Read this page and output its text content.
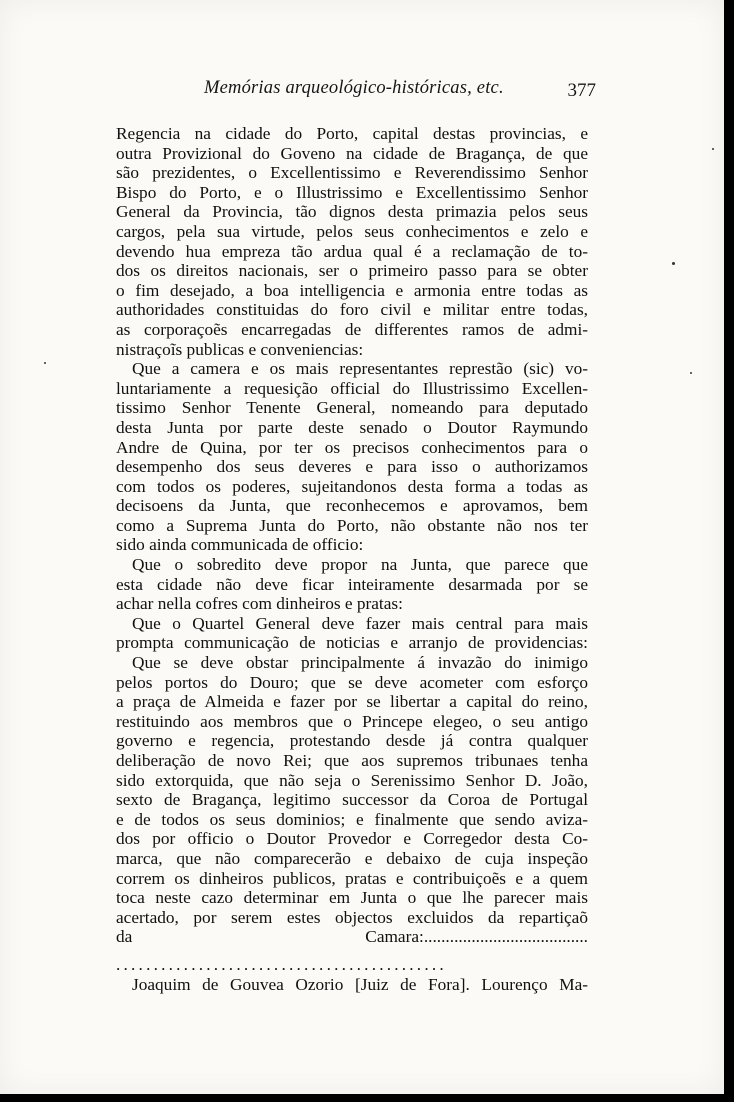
Memórias arqueológico-históricas, etc.	377
Regencia na cidade do Porto, capital destas provincias, e
outra Provizional do Goveno na cidade de Bragança, de que
são prezidentes, o Excellentissimo e Reverendissimo Senhor
Bispo do Porto, e o Illustrissimo e Excellentissimo Senhor
General da Provincia, tão dignos desta primazia pelos seus
cargos, pela sua virtude, pelos seus conhecimentos e zelo e
devendo hua empreza tão ardua qual é a reclamação de to-
dos os direitos nacionais, ser o primeiro passo para se obter
o fim desejado, a boa intelligencia e armonia entre todas as
authoridades constituidas do foro civil e militar entre todas,
as corporaçoẽs encarregadas de differentes ramos de admi-
nistraçoĩs publicas e conveniencias:
Que a camera e os mais representantes represtão (sic) vo-
luntariamente a requesição official do Illustrissimo Excellen-
tissimo Senhor Tenente General, nomeando para deputado
desta Junta por parte deste senado o Doutor Raymundo
Andre de Quina, por ter os precisos conhecimentos para o
desempenho dos seus deveres e para isso o authorizamos
com todos os poderes, sujeitandonos desta forma a todas as
decisoens da Junta, que reconhecemos e aprovamos, bem
como a Suprema Junta do Porto, não obstante não nos ter
sido ainda communicada de officio:
Que o sobredito deve propor na Junta, que parece que
esta cidade não deve ficar inteiramente desarmada por se
achar nella cofres com dinheiros e pratas:
Que o Quartel General deve fazer mais central para mais
prompta communicação de noticias e arranjo de providencias:
Que se deve obstar principalmente á invazão do inimigo
pelos portos do Douro; que se deve acometer com esforço
a praça de Almeida e fazer por se libertar a capital do reino,
restituindo aos membros que o Princepe elegeo, o seu antigo
governo e regencia, protestando desde já contra qualquer
deliberação de novo Rei; que aos supremos tribunaes tenha
sido extorquida, que não seja o Serenissimo Senhor D. João,
sexto de Bragança, legitimo successor da Coroa de Portugal
e de todos os seus dominios; e finalmente que sendo aviza-
dos por officio o Doutor Provedor e Corregedor desta Co-
marca, que não comparecerão e debaixo de cuja inspeção
correm os dinheiros publicos, pratas e contribuiçoẽs e a quem
toca neste cazo determinar em Junta o que lhe parecer mais
acertado, por serem estes objectos excluidos da repartiçaõ
da Camara:......................................
............................................
Joaquim de Gouvea Ozorio [Juiz de Fora]. Lourenço Ma-
